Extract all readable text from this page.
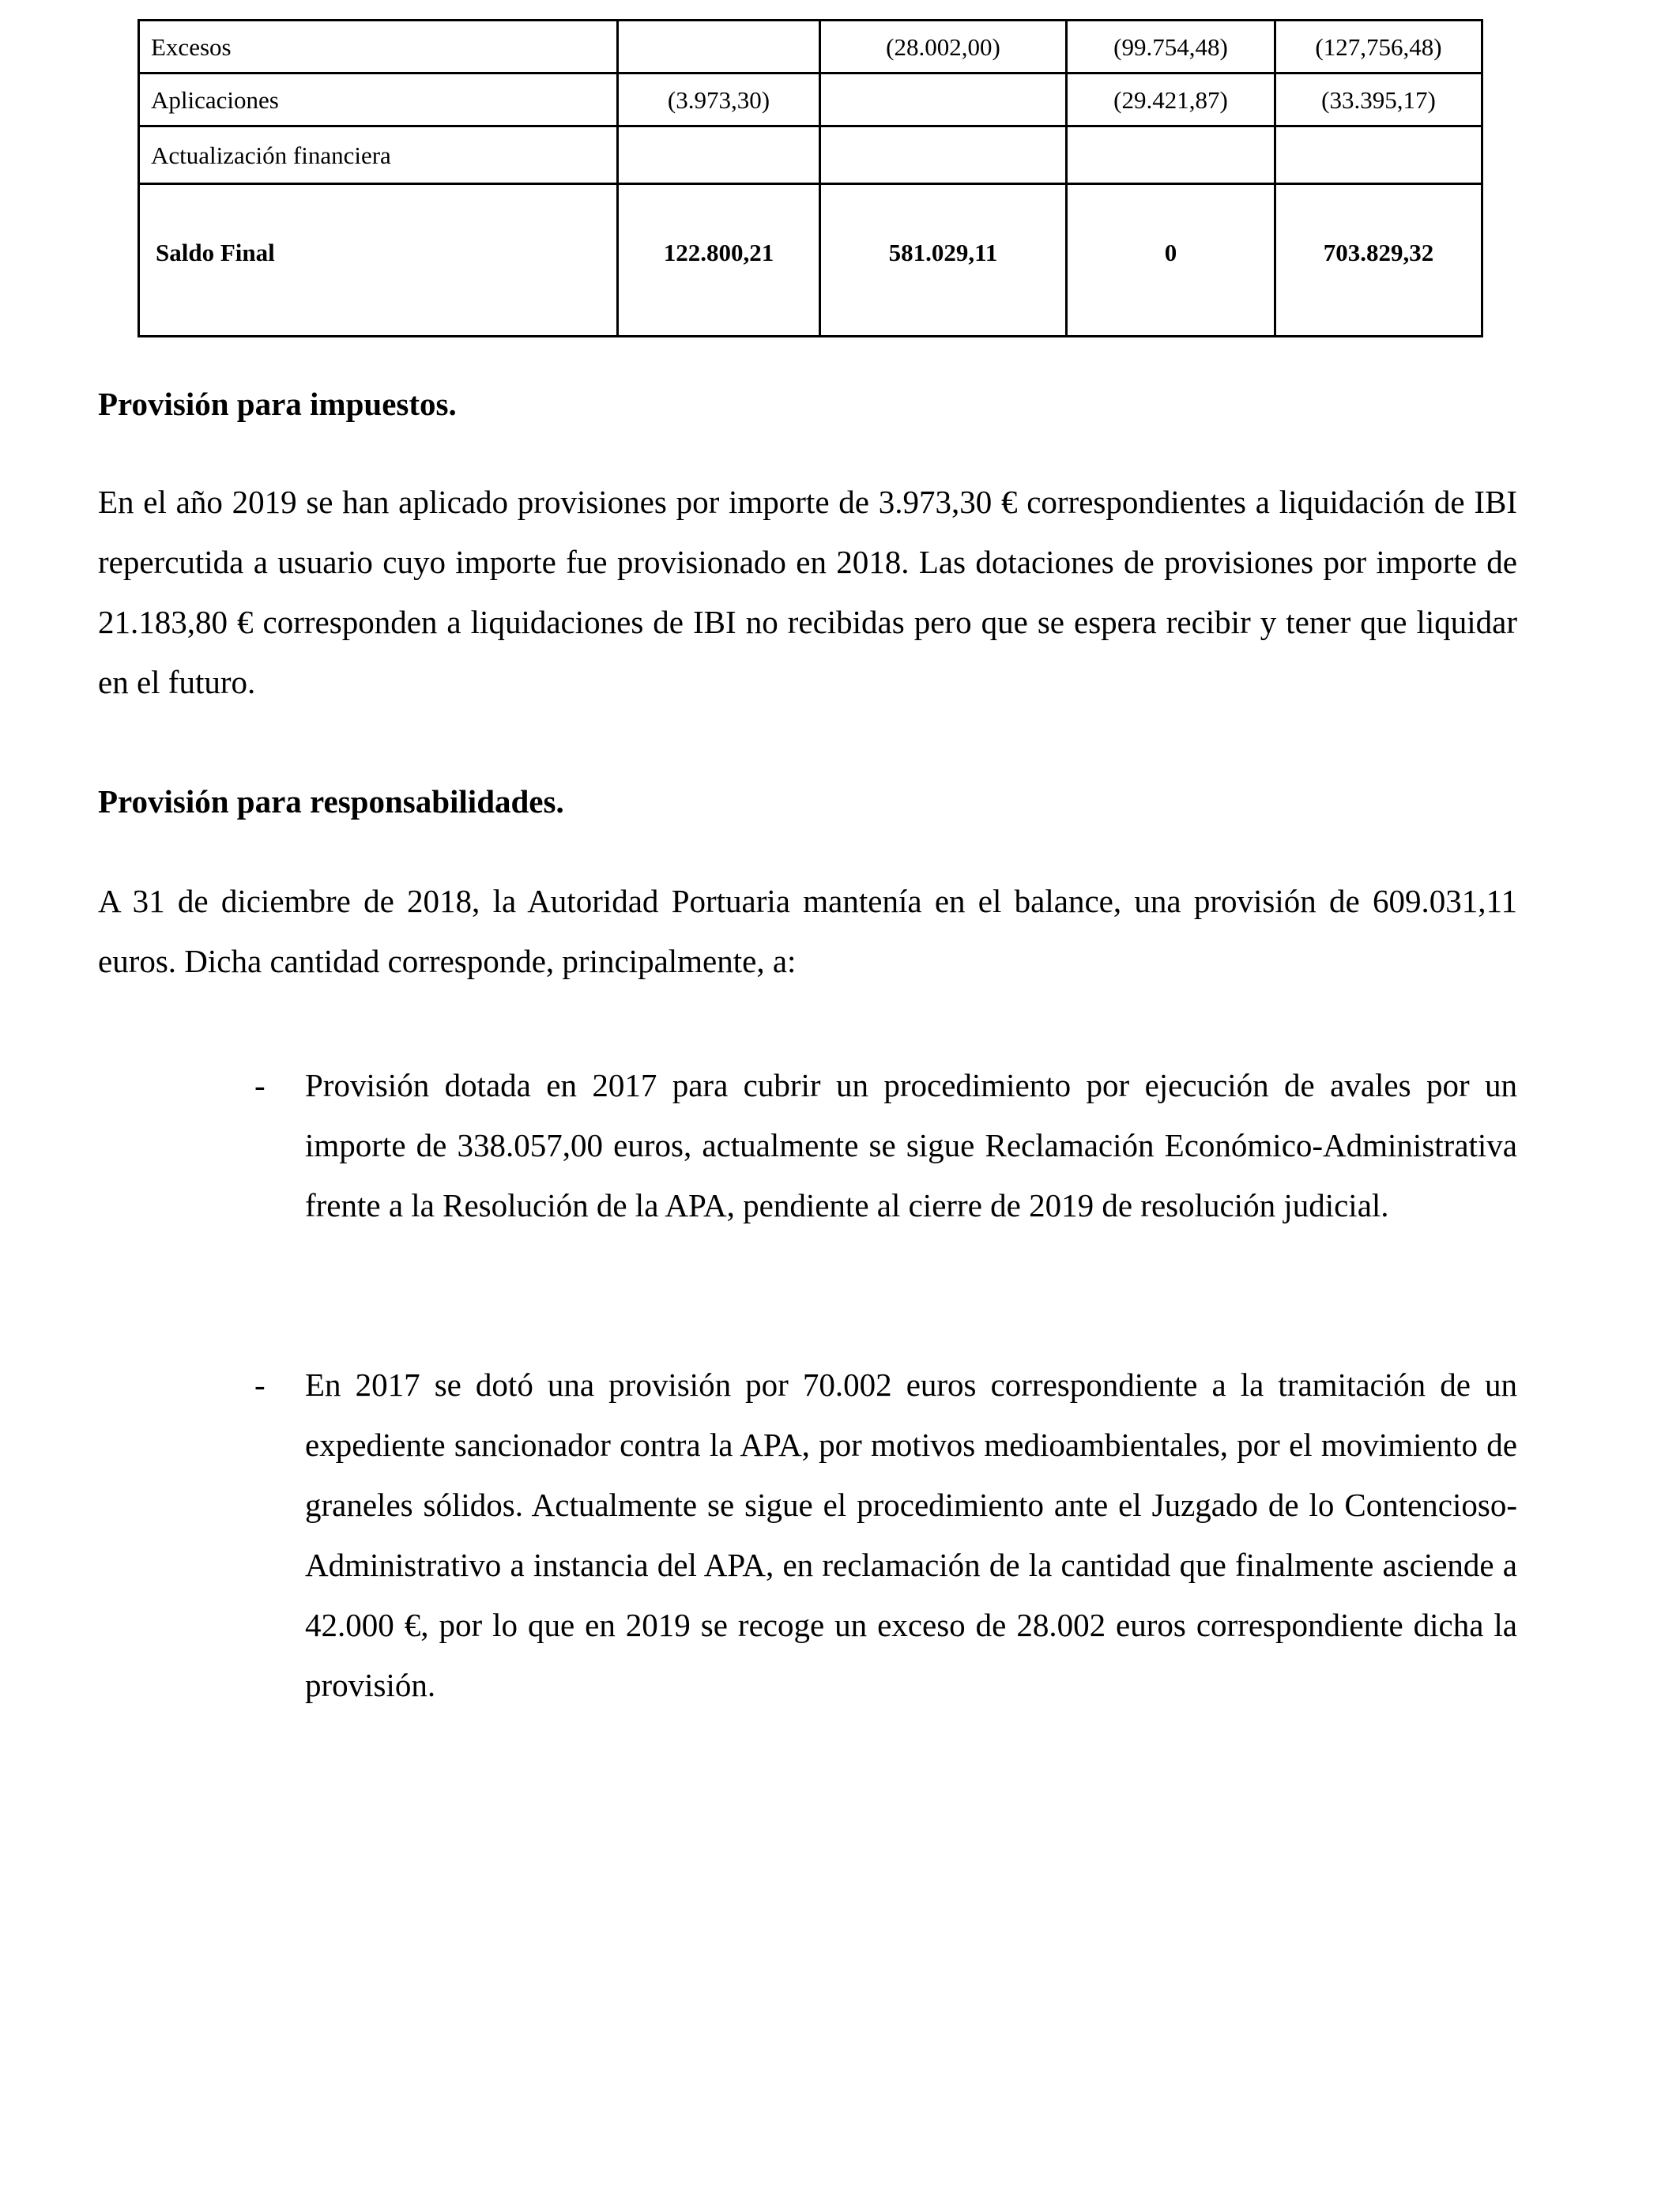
Excesos		(28.002,00)	(99.754,48)	(127,756,48)
Aplicaciones	(3.973,30)		(29.421,87)	(33.395,17)
Actualización financiera				
Saldo Final	122.800,21	581.029,11	0	703.829,32
Provisión para impuestos.

En el año 2019 se han aplicado provisiones por importe de 3.973,30 € correspondientes a liquidación de IBI repercutida a usuario cuyo importe fue provisionado en 2018. Las dotaciones de provisiones por importe de 21.183,80 € corresponden a liquidaciones de IBI no recibidas pero que se espera recibir y tener que liquidar en el futuro.

Provisión para responsabilidades.

A 31 de diciembre de 2018, la Autoridad Portuaria mantenía en el balance, una provisión de 609.031,11 euros. Dicha cantidad corresponde, principalmente, a:

- Provisión dotada en 2017 para cubrir un procedimiento por ejecución de avales por un importe de 338.057,00 euros, actualmente se sigue Reclamación Económico-Administrativa frente a la Resolución de la APA, pendiente al cierre de 2019 de resolución judicial.

- En 2017 se dotó una provisión por 70.002 euros correspondiente a la tramitación de un expediente sancionador contra la APA, por motivos medioambientales, por el movimiento de graneles sólidos. Actualmente se sigue el procedimiento ante el Juzgado de lo Contencioso-Administrativo a instancia del APA, en reclamación de la cantidad que finalmente asciende a 42.000 €, por lo que en 2019 se recoge un exceso de 28.002 euros correspondiente dicha la provisión.
